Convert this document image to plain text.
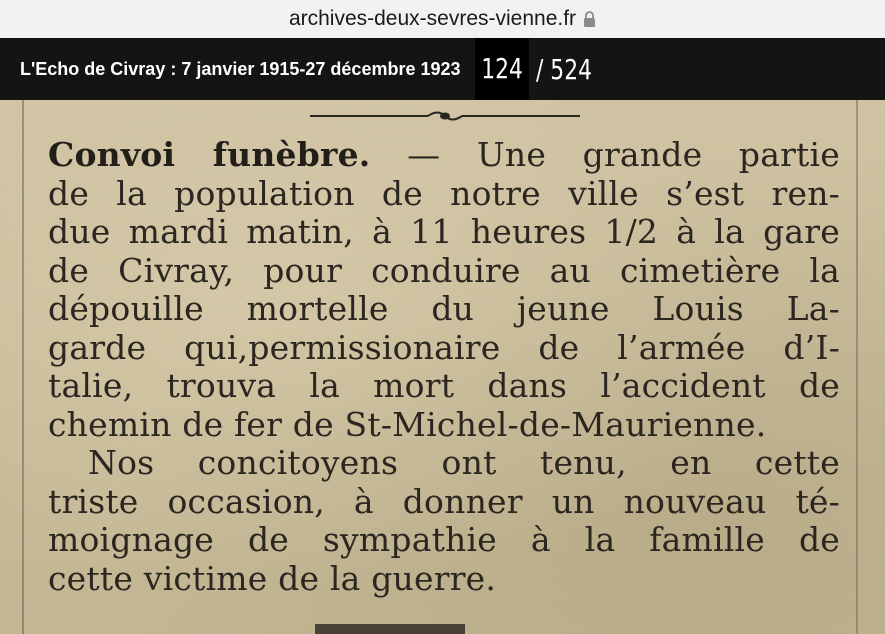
archives-deux-sevres-vienne.fr
L'Echo de Civray : 7 janvier 1915-27 décembre 1923 124 / 524
Convoi funèbre. — Une grande partie
de la population de notre ville s’est ren-
due mardi matin, à 11 heures 1/2 à la gare
de Civray, pour conduire au cimetière la
dépouille mortelle du jeune Louis La-
garde qui,permissionaire de l’armée d’I-
talie, trouva la mort dans l’accident de
chemin de fer de St-Michel-de-Maurienne.
Nos concitoyens ont tenu, en cette
triste occasion, à donner un nouveau té-
moignage de sympathie à la famille de
cette victime de la guerre.
